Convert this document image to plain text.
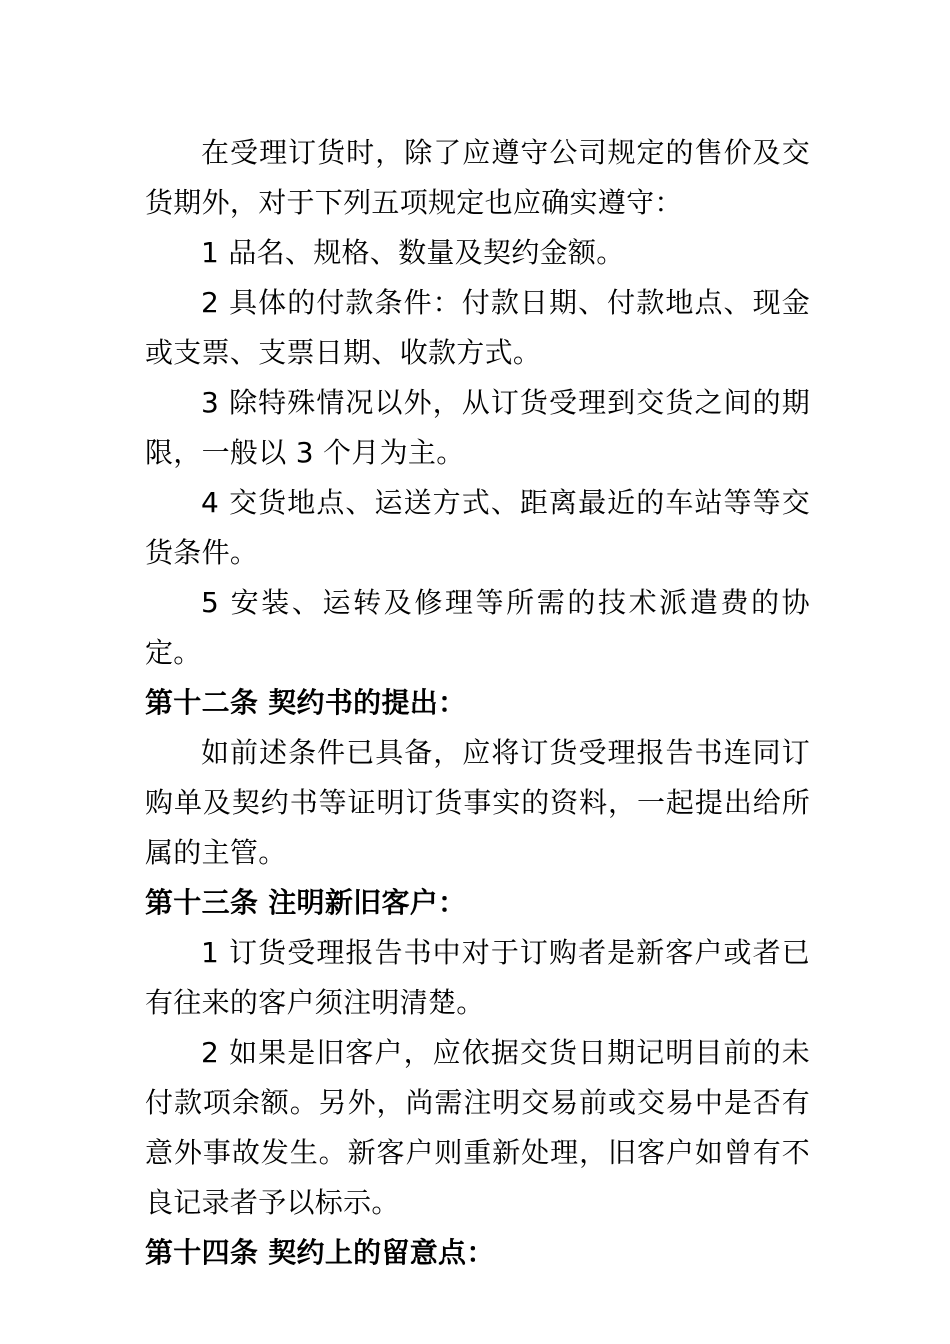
在受理订货时，除了应遵守公司规定的售价及交货期外，对于下列五项规定也应确实遵守：

1 品名、规格、数量及契约金额。

2 具体的付款条件：付款日期、付款地点、现金或支票、支票日期、收款方式。

3 除特殊情况以外，从订货受理到交货之间的期限，一般以 3 个月为主。

4 交货地点、运送方式、距离最近的车站等等交货条件。

5 安装、运转及修理等所需的技术派遣费的协定。

第十二条 契约书的提出：

如前述条件已具备，应将订货受理报告书连同订购单及契约书等证明订货事实的资料，一起提出给所属的主管。

第十三条 注明新旧客户：

1 订货受理报告书中对于订购者是新客户或者已有往来的客户须注明清楚。

2 如果是旧客户，应依据交货日期记明目前的未付款项余额。另外，尚需注明交易前或交易中是否有意外事故发生。新客户则重新处理，旧客户如曾有不良记录者予以标示。

第十四条 契约上的留意点：
